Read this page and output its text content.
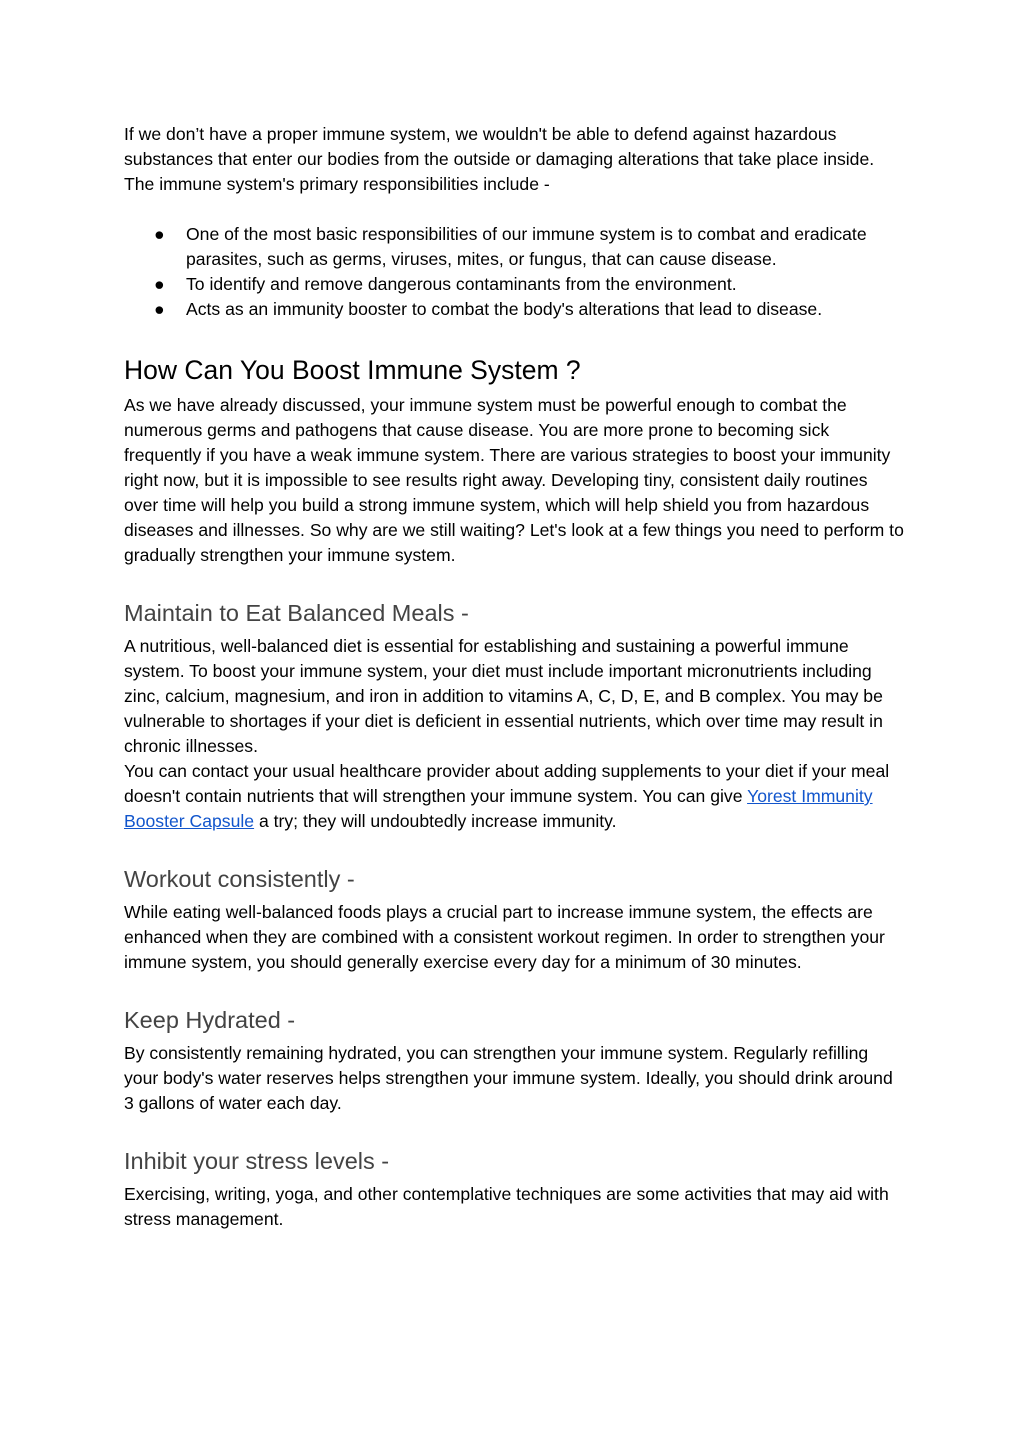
If we don’t have a proper immune system, we wouldn't be able to defend against hazardous substances that enter our bodies from the outside or damaging alterations that take place inside. The immune system's primary responsibilities include -

●	One of the most basic responsibilities of our immune system is to combat and eradicate parasites, such as germs, viruses, mites, or fungus, that can cause disease.
●	To identify and remove dangerous contaminants from the environment.
●	Acts as an immunity booster to combat the body's alterations that lead to disease.
How Can You Boost Immune System ?

As we have already discussed, your immune system must be powerful enough to combat the numerous germs and pathogens that cause disease. You are more prone to becoming sick frequently if you have a weak immune system. There are various strategies to boost your immunity right now, but it is impossible to see results right away. Developing tiny, consistent daily routines over time will help you build a strong immune system, which will help shield you from hazardous diseases and illnesses. So why are we still waiting? Let's look at a few things you need to perform to gradually strengthen your immune system.

Maintain to Eat Balanced Meals -

A nutritious, well-balanced diet is essential for establishing and sustaining a powerful immune system. To boost your immune system, your diet must include important micronutrients including zinc, calcium, magnesium, and iron in addition to vitamins A, C, D, E, and B complex. You may be vulnerable to shortages if your diet is deficient in essential nutrients, which over time may result in chronic illnesses.

You can contact your usual healthcare provider about adding supplements to your diet if your meal doesn't contain nutrients that will strengthen your immune system. You can give Yorest Immunity Booster Capsule a try; they will undoubtedly increase immunity.

Workout consistently -

While eating well-balanced foods plays a crucial part to increase immune system, the effects are enhanced when they are combined with a consistent workout regimen. In order to strengthen your immune system, you should generally exercise every day for a minimum of 30 minutes.

Keep Hydrated -

By consistently remaining hydrated, you can strengthen your immune system. Regularly refilling your body's water reserves helps strengthen your immune system. Ideally, you should drink around 3 gallons of water each day.

Inhibit your stress levels -

Exercising, writing, yoga, and other contemplative techniques are some activities that may aid with stress management.
